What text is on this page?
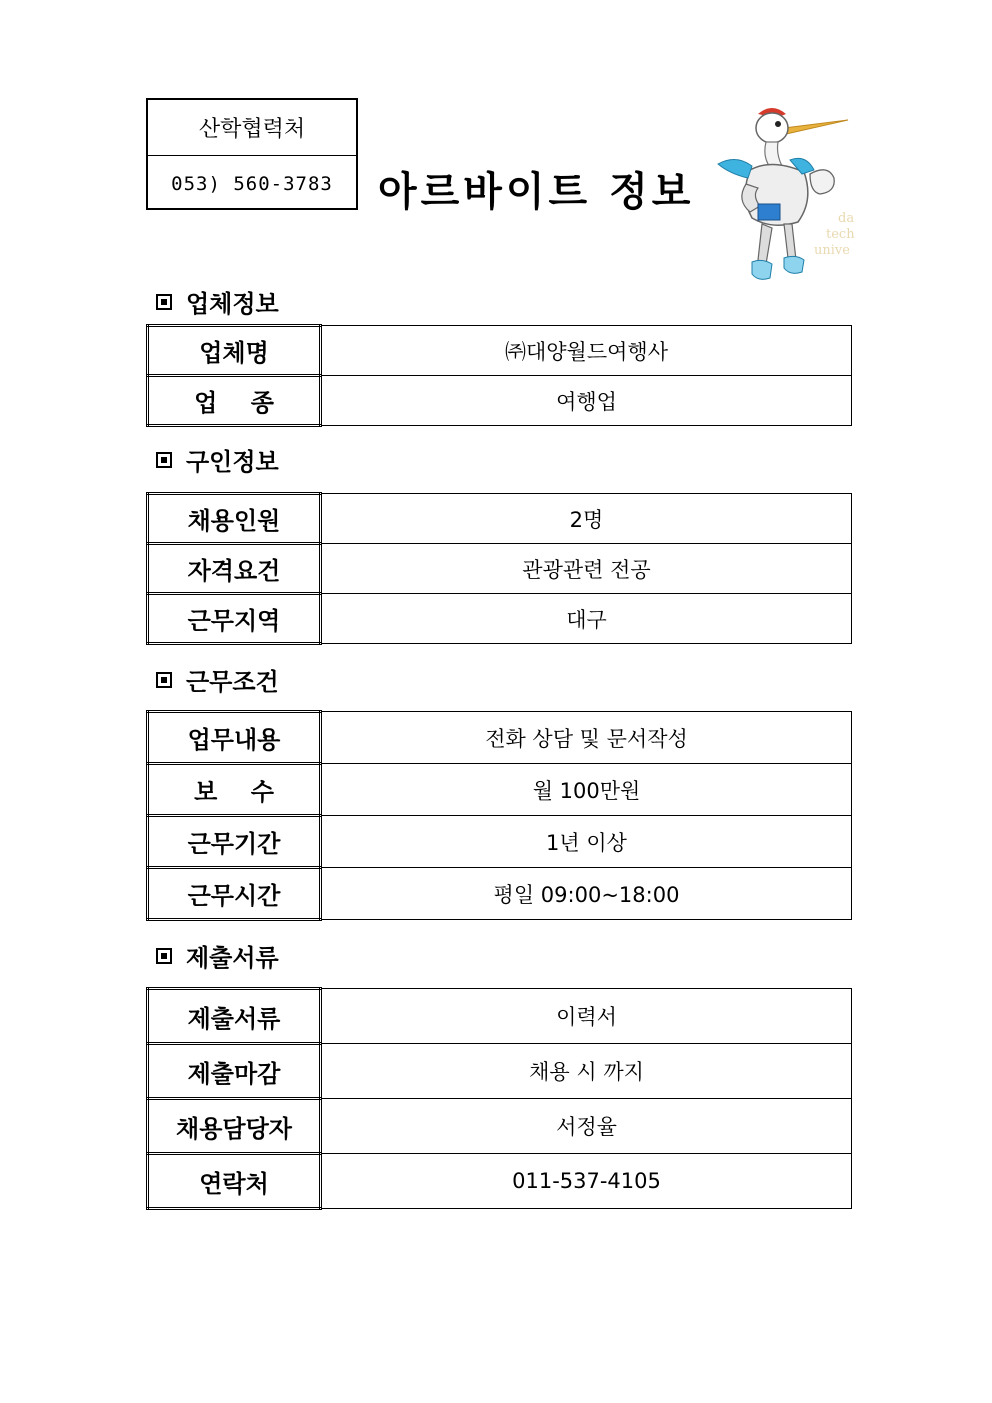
산학협력처
053) 560-3783	아르바이트 정보
da
tech
unive
업체정보
업체명	㈜대양월드여행사
업    종	여행업
구인정보
채용인원	2명
자격요건	관광관련 전공
근무지역	대구
근무조건
업무내용	전화 상담 및 문서작성
보    수	월 100만원
근무기간	1년 이상
근무시간	평일 09:00~18:00
제출서류
제출서류	이력서
제출마감	채용 시 까지
채용담당자	서정율
연락처	011-537-4105
